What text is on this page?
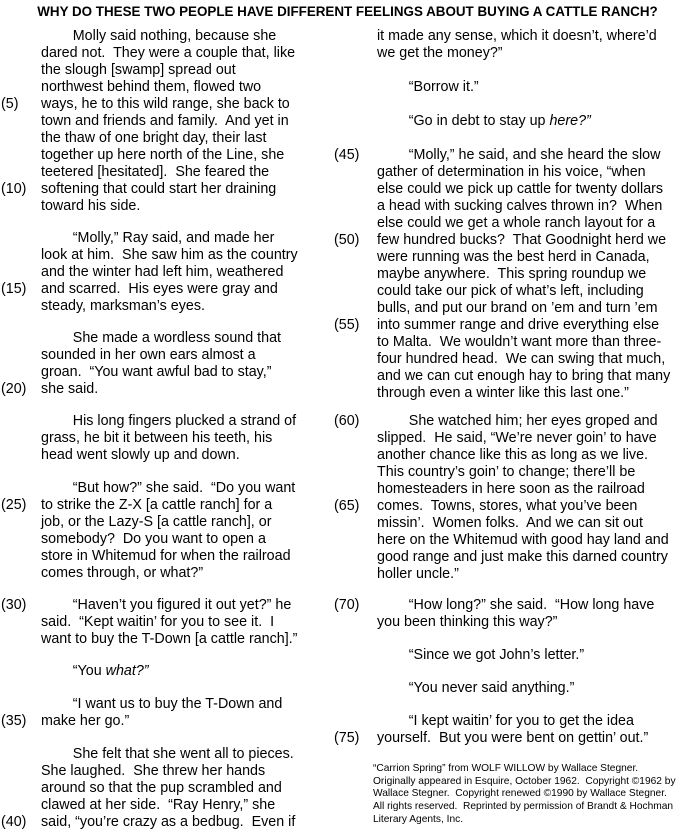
WHY DO THESE TWO PEOPLE HAVE DIFFERENT FEELINGS ABOUT BUYING A CATTLE RANCH?
Molly said nothing, because she
dared not.  They were a couple that, like
the slough [swamp] spread out
northwest behind them, flowed two
ways, he to this wild range, she back to
town and friends and family.  And yet in
the thaw of one bright day, their last
together up here north of the Line, she
teetered [hesitated].  She feared the
softening that could start her draining
toward his side.
“Molly,” Ray said, and made her
look at him.  She saw him as the country
and the winter had left him, weathered
and scarred.  His eyes were gray and
steady, marksman’s eyes.
She made a wordless sound that
sounded in her own ears almost a
groan.  “You want awful bad to stay,”
she said.
His long fingers plucked a strand of
grass, he bit it between his teeth, his
head went slowly up and down.
“But how?” she said.  “Do you want
to strike the Z-X [a cattle ranch] for a
job, or the Lazy-S [a cattle ranch], or
somebody?  Do you want to open a
store in Whitemud for when the railroad
comes through, or what?”
“Haven’t you figured it out yet?” he
said.  “Kept waitin’ for you to see it.  I
want to buy the T-Down [a cattle ranch].”
“You what?”
“I want us to buy the T-Down and
make her go.”
She felt that she went all to pieces.
She laughed.  She threw her hands
around so that the pup scrambled and
clawed at her side.  “Ray Henry,” she
said, “you’re crazy as a bedbug.  Even if
it made any sense, which it doesn’t, where’d
we get the money?”
“Borrow it.”
“Go in debt to stay up here?”
“Molly,” he said, and she heard the slow
gather of determination in his voice, “when
else could we pick up cattle for twenty dollars
a head with sucking calves thrown in?  When
else could we get a whole ranch layout for a
few hundred bucks?  That Goodnight herd we
were running was the best herd in Canada,
maybe anywhere.  This spring roundup we
could take our pick of what’s left, including
bulls, and put our brand on ’em and turn ’em
into summer range and drive everything else
to Malta.  We wouldn’t want more than three-
four hundred head.  We can swing that much,
and we can cut enough hay to bring that many
through even a winter like this last one.”
She watched him; her eyes groped and
slipped.  He said, “We’re never goin’ to have
another chance like this as long as we live.
This country’s goin’ to change; there’ll be
homesteaders in here soon as the railroad
comes.  Towns, stores, what you’ve been
missin’.  Women folks.  And we can sit out
here on the Whitemud with good hay land and
good range and just make this darned country
holler uncle.”
“How long?” she said.  “How long have
you been thinking this way?”
“Since we got John’s letter.”
“You never said anything.”
“I kept waitin’ for you to get the idea
yourself.  But you were bent on gettin’ out.”
(5)
(10)
(15)
(20)
(25)
(30)
(35)
(40)
(45)
(50)
(55)
(60)
(65)
(70)
(75)
“Carrion Spring” from WOLF WILLOW by Wallace Stegner.
Originally appeared in Esquire, October 1962.  Copyright ©1962 by
Wallace Stegner.  Copyright renewed ©1990 by Wallace Stegner.
All rights reserved.  Reprinted by permission of Brandt & Hochman
Literary Agents, Inc.
